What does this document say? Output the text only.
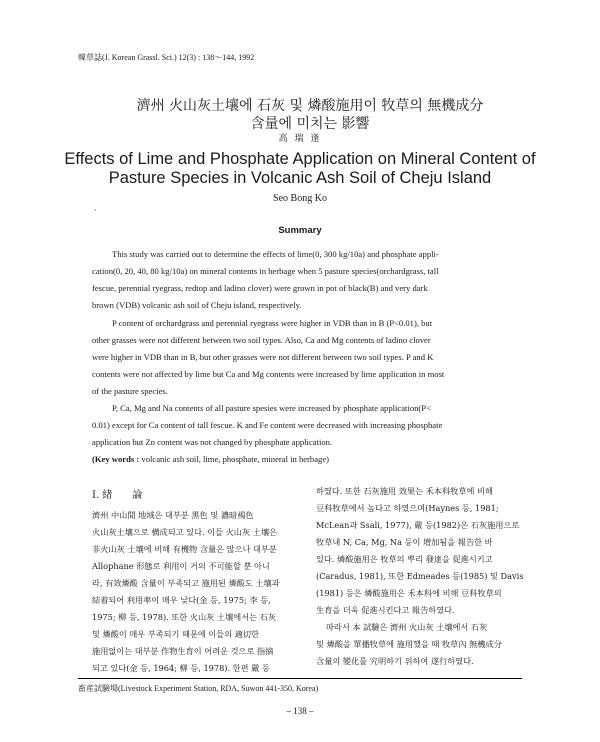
韓草誌(J. Korean Grassl. Sci.) 12(3) : 138～144, 1992
濟州 火山灰土壤에 石灰 및 燐酸施用이 牧草의 無機成分
含量에 미치는 影響
高 瑞 逢
Effects of Lime and Phosphate Application on Mineral Content of
Pasture Species in Volcanic Ash Soil of Cheju Island
Seo Bong Ko
·
Summary
This study was carried out to determine the effects of lime(0, 300 kg/10a) and phosphate appli-
cation(0, 20, 40, 80 kg/10a) on mineral contents in herbage when 5 pasture species(orchardgrass, tall
fescue, perennial ryegrass, redtop and ladino clover) were grown in pot of black(B) and very dark
brown (VDB) volcanic ash soil of Cheju island, respectively.
P content of orchardgrass and perennial ryegrass were higher in VDB than in B (P<0.01), but
other grasses were not different between two soil types. Also, Ca and Mg contents of ladino clover
were higher in VDB than in B, but other grasses were not different between two soil types. P and K
contents were not affected by lime but Ca and Mg contents were increased by lime application in most
of the pasture species.
P, Ca, Mg and Na contents of all pasture spesies were increased by phosphate application(P<
0.01) except for Ca content of tall fescue. K and Fe content were decreased with increasing phosphate
application but Zn content was not changed by phosphate application.
(Key words : volcanic ash soil, lime, phosphate, mineral in herbage)
Ⅰ. 緖　　論
濟州 中山間 地域은 대부분 黑色 및 濃暗褐色
火山灰土壤으로 構成되고 있다. 이들 火山灰 土壤은
非火山灰 土壤에 비해 有機物 含量은 많으나 대부분
Allophane 形態로 利用이 거의 不可能할 뿐 아니
라, 有效燐酸 含量이 부족되고 施用된 燐酸도 土壤과
結着되어 利用率이 매우 낮다(金 등, 1975; 李 등,
1975; 柳 등, 1978). 또한 火山灰 土壤에서는 石灰
및 燐酸이 매우 부족되기 때문에 이들의 適切한
施用없이는 대부분 作物生育이 어려운 것으로 指摘
되고 있다(金 등, 1964; 柳 등, 1978). 한편 嚴 등
하였다. 또한 石灰施用 效果는 禾本科牧草에 비해
豆科牧草에서 높다고 하였으며(Haynes 등, 1981;
McLean과 Ssali, 1977), 嚴 등(1982)은 石灰施用으로
牧草내 N, Ca, Mg, Na 등이 增加됨을 報告한 바
있다. 燐酸施用은 牧草의 뿌리 發達을 促進시키고
(Caradus, 1981), 또한 Edmeades 등(1985) 및 Davis
(1981) 등은 燐酸施用은 禾本科에 비해 豆科牧草의
生育을 더욱 促進시킨다고 報告하였다.
따라서 本 試驗은 濟州 火山灰 土壤에서 石灰
및 燐酸을 單播牧草에 施用했을 때 牧草內 無機成分
含量의 變化를 究明하기 위하여 遂行하였다.
畜産試驗場(Livestock Experiment Station, RDA, Suwon 441-350, Korea)
– 138 –
